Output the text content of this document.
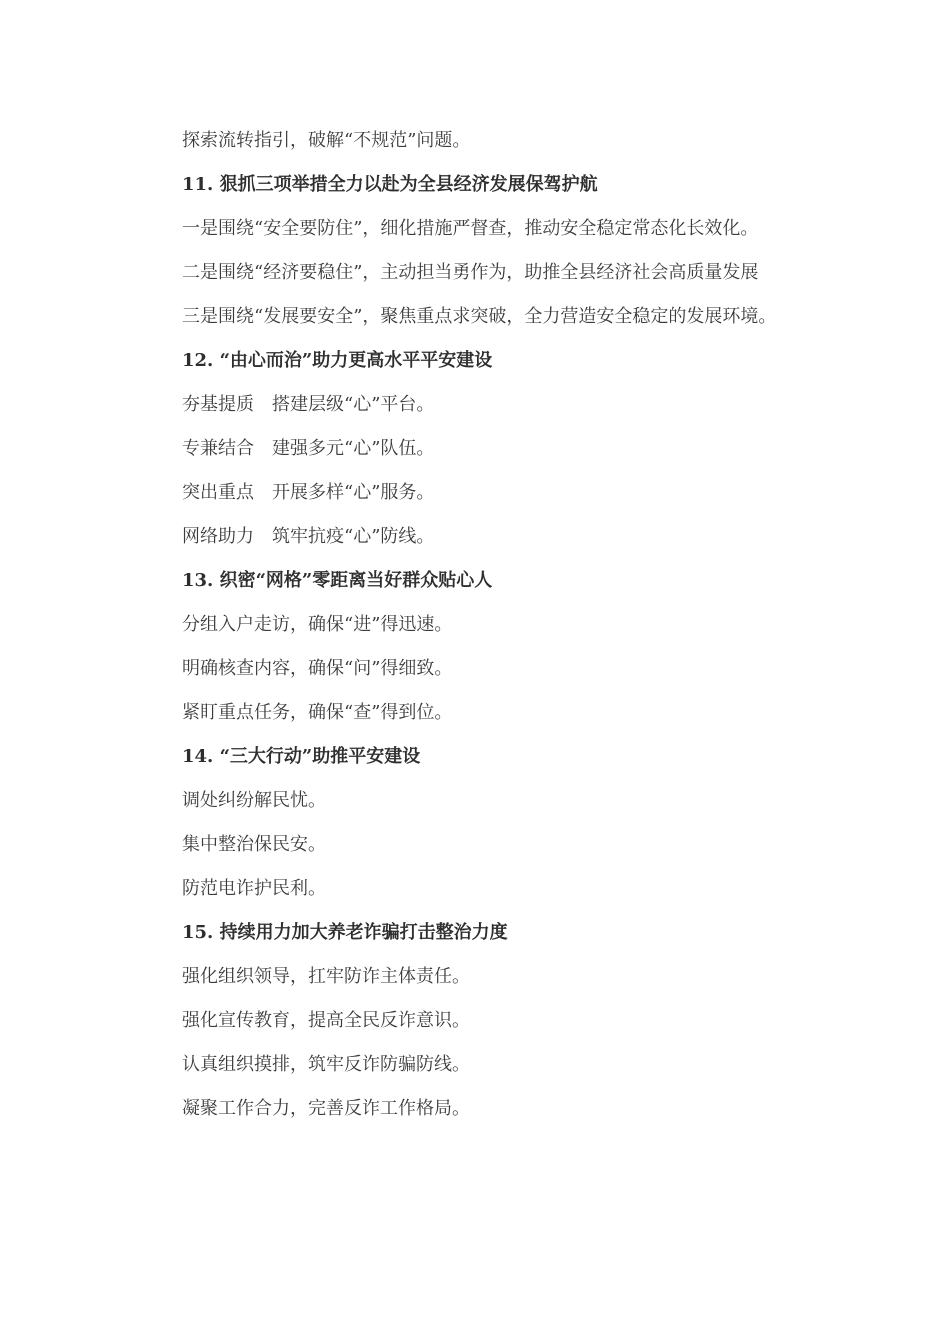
探索流转指引，破解“不规范”问题。

11. 狠抓三项举措全力以赴为全县经济发展保驾护航

一是围绕“安全要防住”，细化措施严督查，推动安全稳定常态化长效化。

二是围绕“经济要稳住”，主动担当勇作为，助推全县经济社会高质量发展

三是围绕“发展要安全”，聚焦重点求突破，全力营造安全稳定的发展环境。

12. “由心而治”助力更高水平平安建设

夯基提质　搭建层级“心”平台。

专兼结合　建强多元“心”队伍。

突出重点　开展多样“心”服务。

网络助力　筑牢抗疫“心”防线。

13. 织密“网格”零距离当好群众贴心人

分组入户走访，确保“进”得迅速。

明确核查内容，确保“问”得细致。

紧盯重点任务，确保“查”得到位。

14. “三大行动”助推平安建设

调处纠纷解民忧。

集中整治保民安。

防范电诈护民利。

15. 持续用力加大养老诈骗打击整治力度

强化组织领导，扛牢防诈主体责任。

强化宣传教育，提高全民反诈意识。

认真组织摸排，筑牢反诈防骗防线。

凝聚工作合力，完善反诈工作格局。
